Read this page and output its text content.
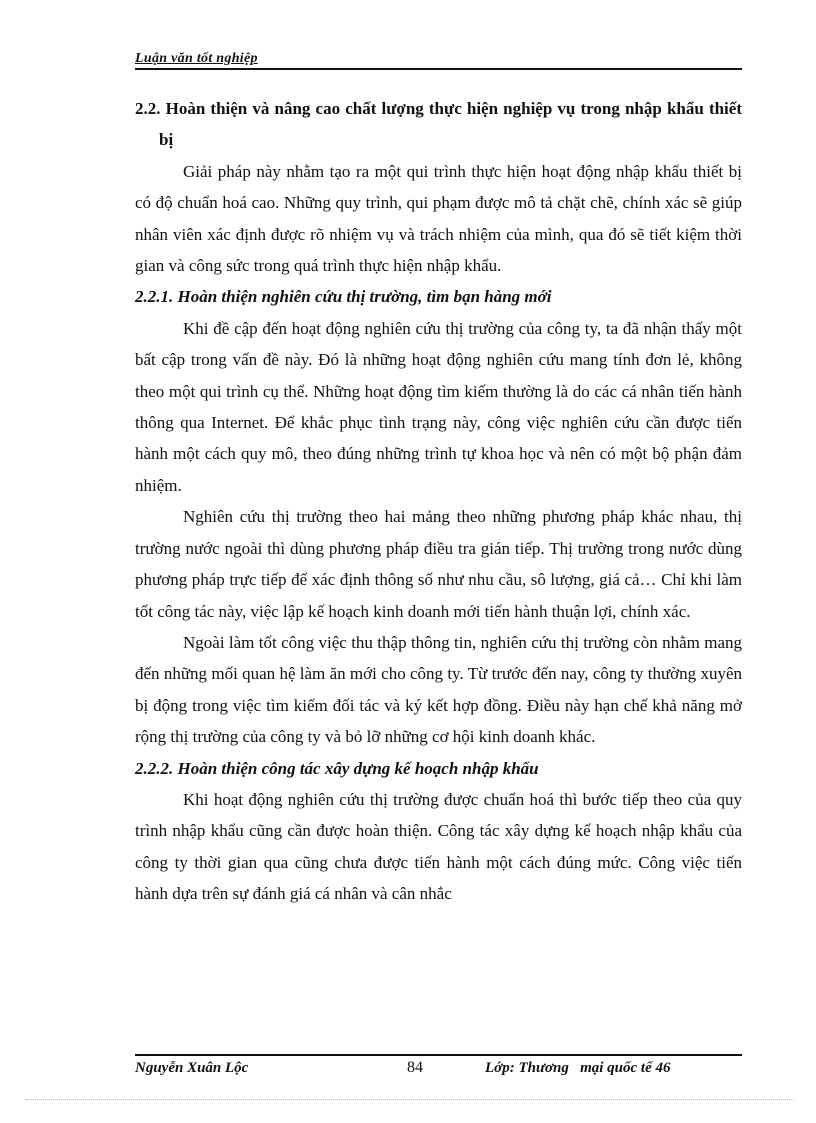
Luận văn tốt nghiệp

2.2. Hoàn thiện và nâng cao chất lượng thực hiện nghiệp vụ trong nhập khẩu thiết bị

Giải pháp này nhằm tạo ra một qui trình thực hiện hoạt động nhập khẩu thiết bị có độ chuẩn hoá cao. Những quy trình, qui phạm được mô tả chặt chẽ, chính xác sẽ giúp nhân viên xác định được rõ nhiệm vụ và trách nhiệm của mình, qua đó sẽ tiết kiệm thời gian và công sức trong quá trình thực hiện nhập khẩu.

2.2.1. Hoàn thiện nghiên cứu thị trường, tìm bạn hàng mới

Khi đề cập đến hoạt động nghiên cứu thị trường của công ty, ta đã nhận thấy một bất cập trong vấn đề này. Đó là những hoạt động nghiên cứu mang tính đơn lẻ, không theo một qui trình cụ thể. Những hoạt động tìm kiếm thường là do các cá nhân tiến hành thông qua Internet. Để khắc phục tình trạng này, công việc nghiên cứu cần được tiến hành một cách quy mô, theo đúng những trình tự khoa học và nên có một bộ phận đảm nhiệm.

Nghiên cứu thị trường theo hai mảng theo những phương pháp khác nhau, thị trường nước ngoài thì dùng phương pháp điều tra gián tiếp. Thị trường trong nước dùng phương pháp trực tiếp để xác định thông số như nhu cầu, sô lượng, giá cả… Chỉ khi làm tốt công tác này, việc lập kế hoạch kinh doanh mới tiến hành thuận lợi, chính xác.

Ngoài làm tốt công việc thu thập thông tin, nghiên cứu thị trường còn nhằm mang đến những mối quan hệ làm ăn mới cho công ty. Từ trước đến nay, công ty thường xuyên bị động trong việc tìm kiếm đối tác và ký kết hợp đồng. Điều này hạn chế khả năng mở rộng thị trường của công ty và bỏ lỡ những cơ hội kinh doanh khác.

2.2.2. Hoàn thiện công tác xây dựng kế hoạch nhập khẩu

Khi hoạt động nghiên cứu thị trường được chuẩn hoá thì bước tiếp theo của quy trình nhập khẩu cũng cần được hoàn thiện. Công tác xây dựng kế hoạch nhập khẩu của công ty thời gian qua cũng chưa được tiến hành một cách đúng mức. Công việc tiến hành dựa trên sự đánh giá cá nhân và cân nhắc

Nguyễn Xuân Lộc	84	Lớp: Thương   mại quốc tế 46
